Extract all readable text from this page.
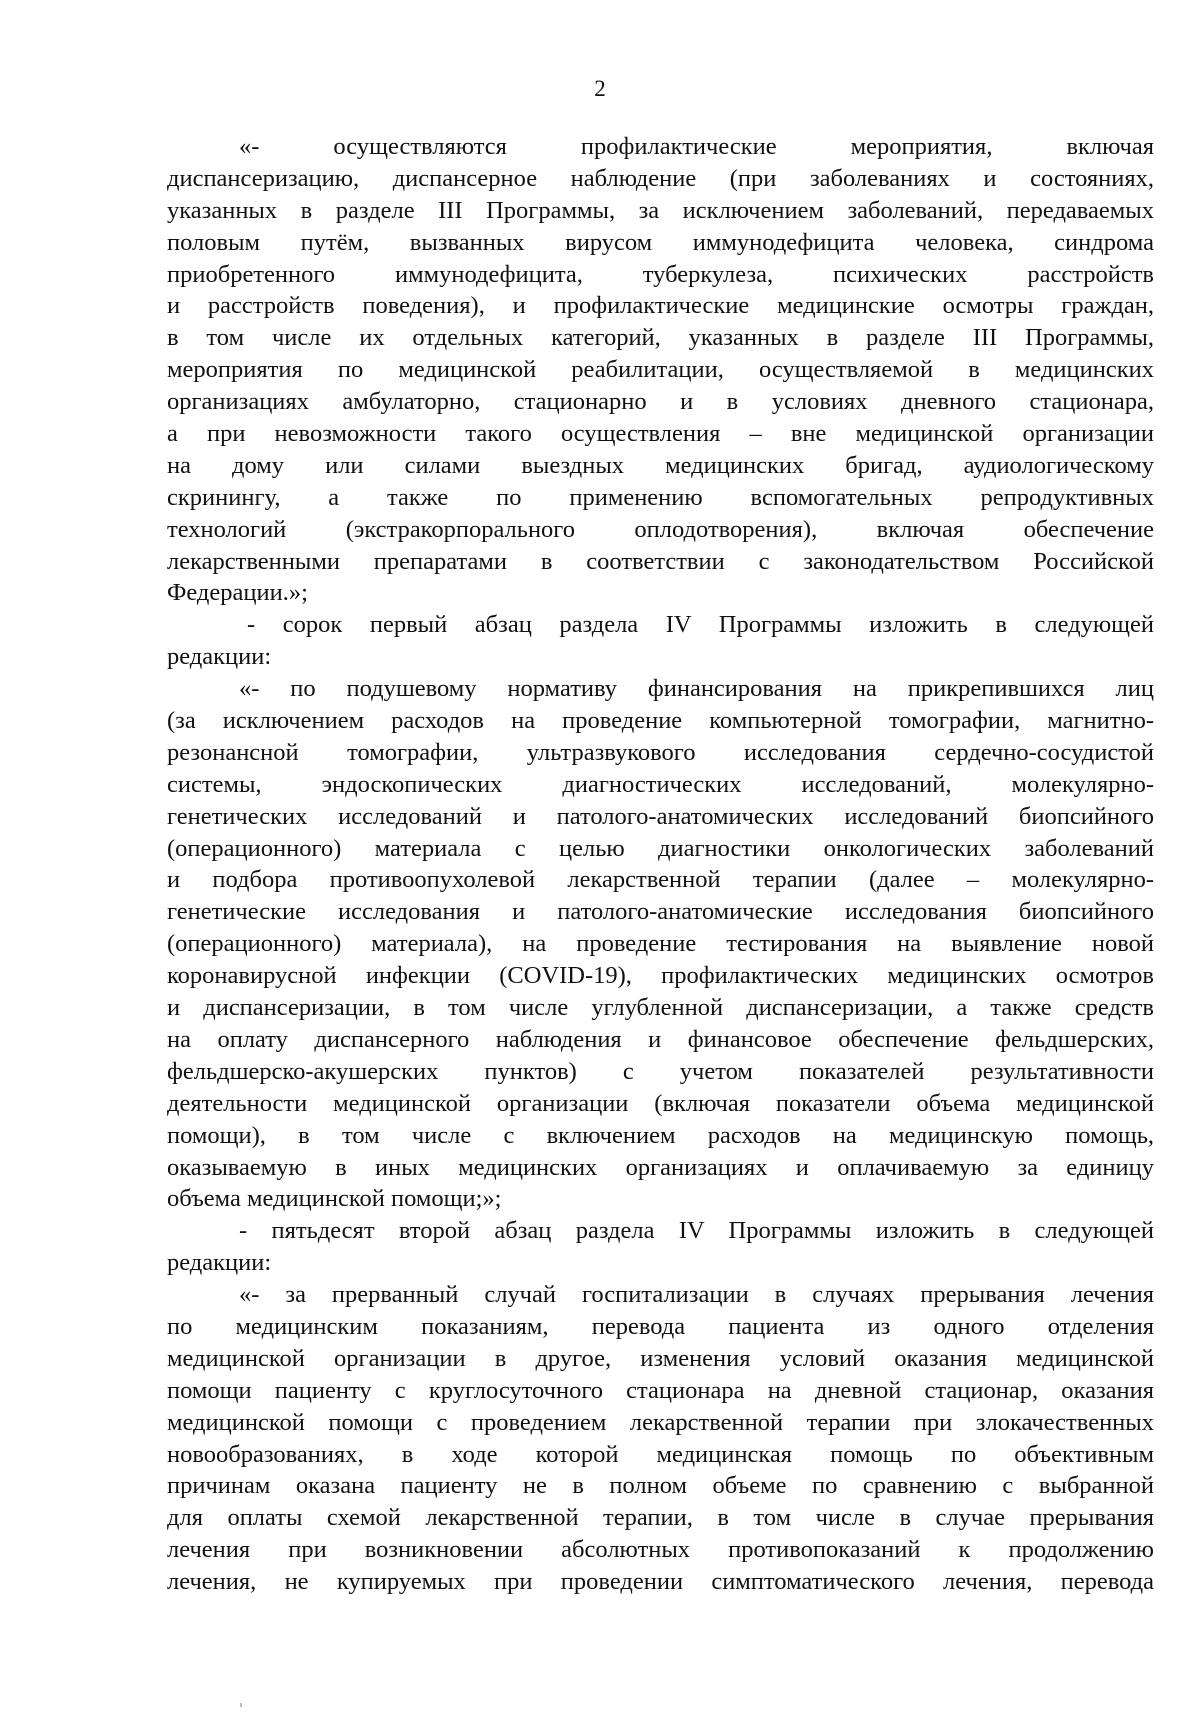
2
«- осуществляются профилактические мероприятия, включая
диспансеризацию, диспансерное наблюдение (при заболеваниях и состояниях,
указанных в разделе III Программы, за исключением заболеваний, передаваемых
половым путём, вызванных вирусом иммунодефицита человека, синдрома
приобретенного иммунодефицита, туберкулеза, психических расстройств
и расстройств поведения), и профилактические медицинские осмотры граждан,
в том числе их отдельных категорий, указанных в разделе III Программы,
мероприятия по медицинской реабилитации, осуществляемой в медицинских
организациях амбулаторно, стационарно и в условиях дневного стационара,
а при невозможности такого осуществления – вне медицинской организации
на дому или силами выездных медицинских бригад, аудиологическому
скринингу, а также по применению вспомогательных репродуктивных
технологий (экстракорпорального оплодотворения), включая обеспечение
лекарственными препаратами в соответствии с законодательством Российской
Федерации.»;
- сорок первый абзац раздела IV Программы изложить в следующей
редакции:
«- по подушевому нормативу финансирования на прикрепившихся лиц
(за исключением расходов на проведение компьютерной томографии, магнитно-
резонансной томографии, ультразвукового исследования сердечно-сосудистой
системы, эндоскопических диагностических исследований, молекулярно-
генетических исследований и патолого-анатомических исследований биопсийного
(операционного) материала с целью диагностики онкологических заболеваний
и подбора противоопухолевой лекарственной терапии (далее – молекулярно-
генетические исследования и патолого-анатомические исследования биопсийного
(операционного) материала), на проведение тестирования на выявление новой
коронавирусной инфекции (COVID-19), профилактических медицинских осмотров
и диспансеризации, в том числе углубленной диспансеризации, а также средств
на оплату диспансерного наблюдения и финансовое обеспечение фельдшерских,
фельдшерско-акушерских пунктов) с учетом показателей результативности
деятельности медицинской организации (включая показатели объема медицинской
помощи), в том числе с включением расходов на медицинскую помощь,
оказываемую в иных медицинских организациях и оплачиваемую за единицу
объема медицинской помощи;»;
- пятьдесят второй абзац раздела IV Программы изложить в следующей
редакции:
«- за прерванный случай госпитализации в случаях прерывания лечения
по медицинским показаниям, перевода пациента из одного отделения
медицинской организации в другое, изменения условий оказания медицинской
помощи пациенту с круглосуточного стационара на дневной стационар, оказания
медицинской помощи с проведением лекарственной терапии при злокачественных
новообразованиях, в ходе которой медицинская помощь по объективным
причинам оказана пациенту не в полном объеме по сравнению с выбранной
для оплаты схемой лекарственной терапии, в том числе в случае прерывания
лечения при возникновении абсолютных противопоказаний к продолжению
лечения, не купируемых при проведении симптоматического лечения, перевода
